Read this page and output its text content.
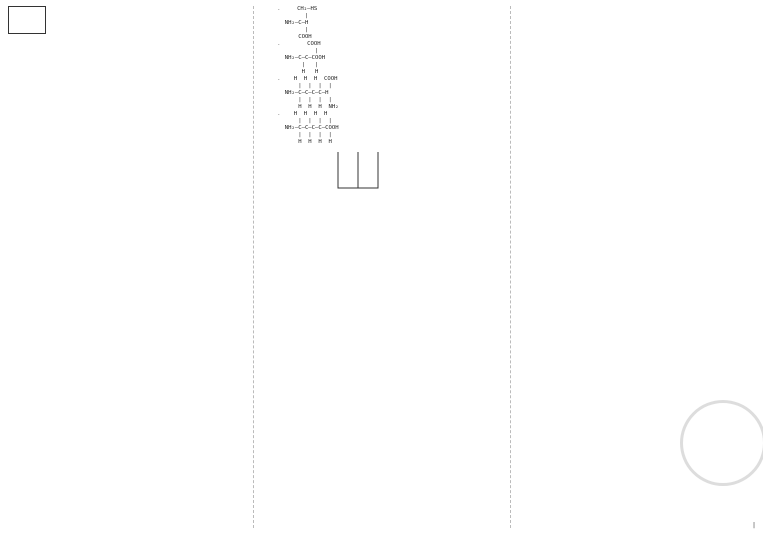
．    CH₂—HS
|
NH₂—C—H
|
COOH
．       COOH
|
NH₂—C—C—COOH
|   |
H   H
．   H  H  H  COOH
|  |  |  |
NH₂—C—C—C—C—H
|  |  |  |
H  H  H  NH₂
．   H  H  H  H
|  |  |  |
NH₂—C—C—C—C—COOH
|  |  |  |
H  H  H  H
|
